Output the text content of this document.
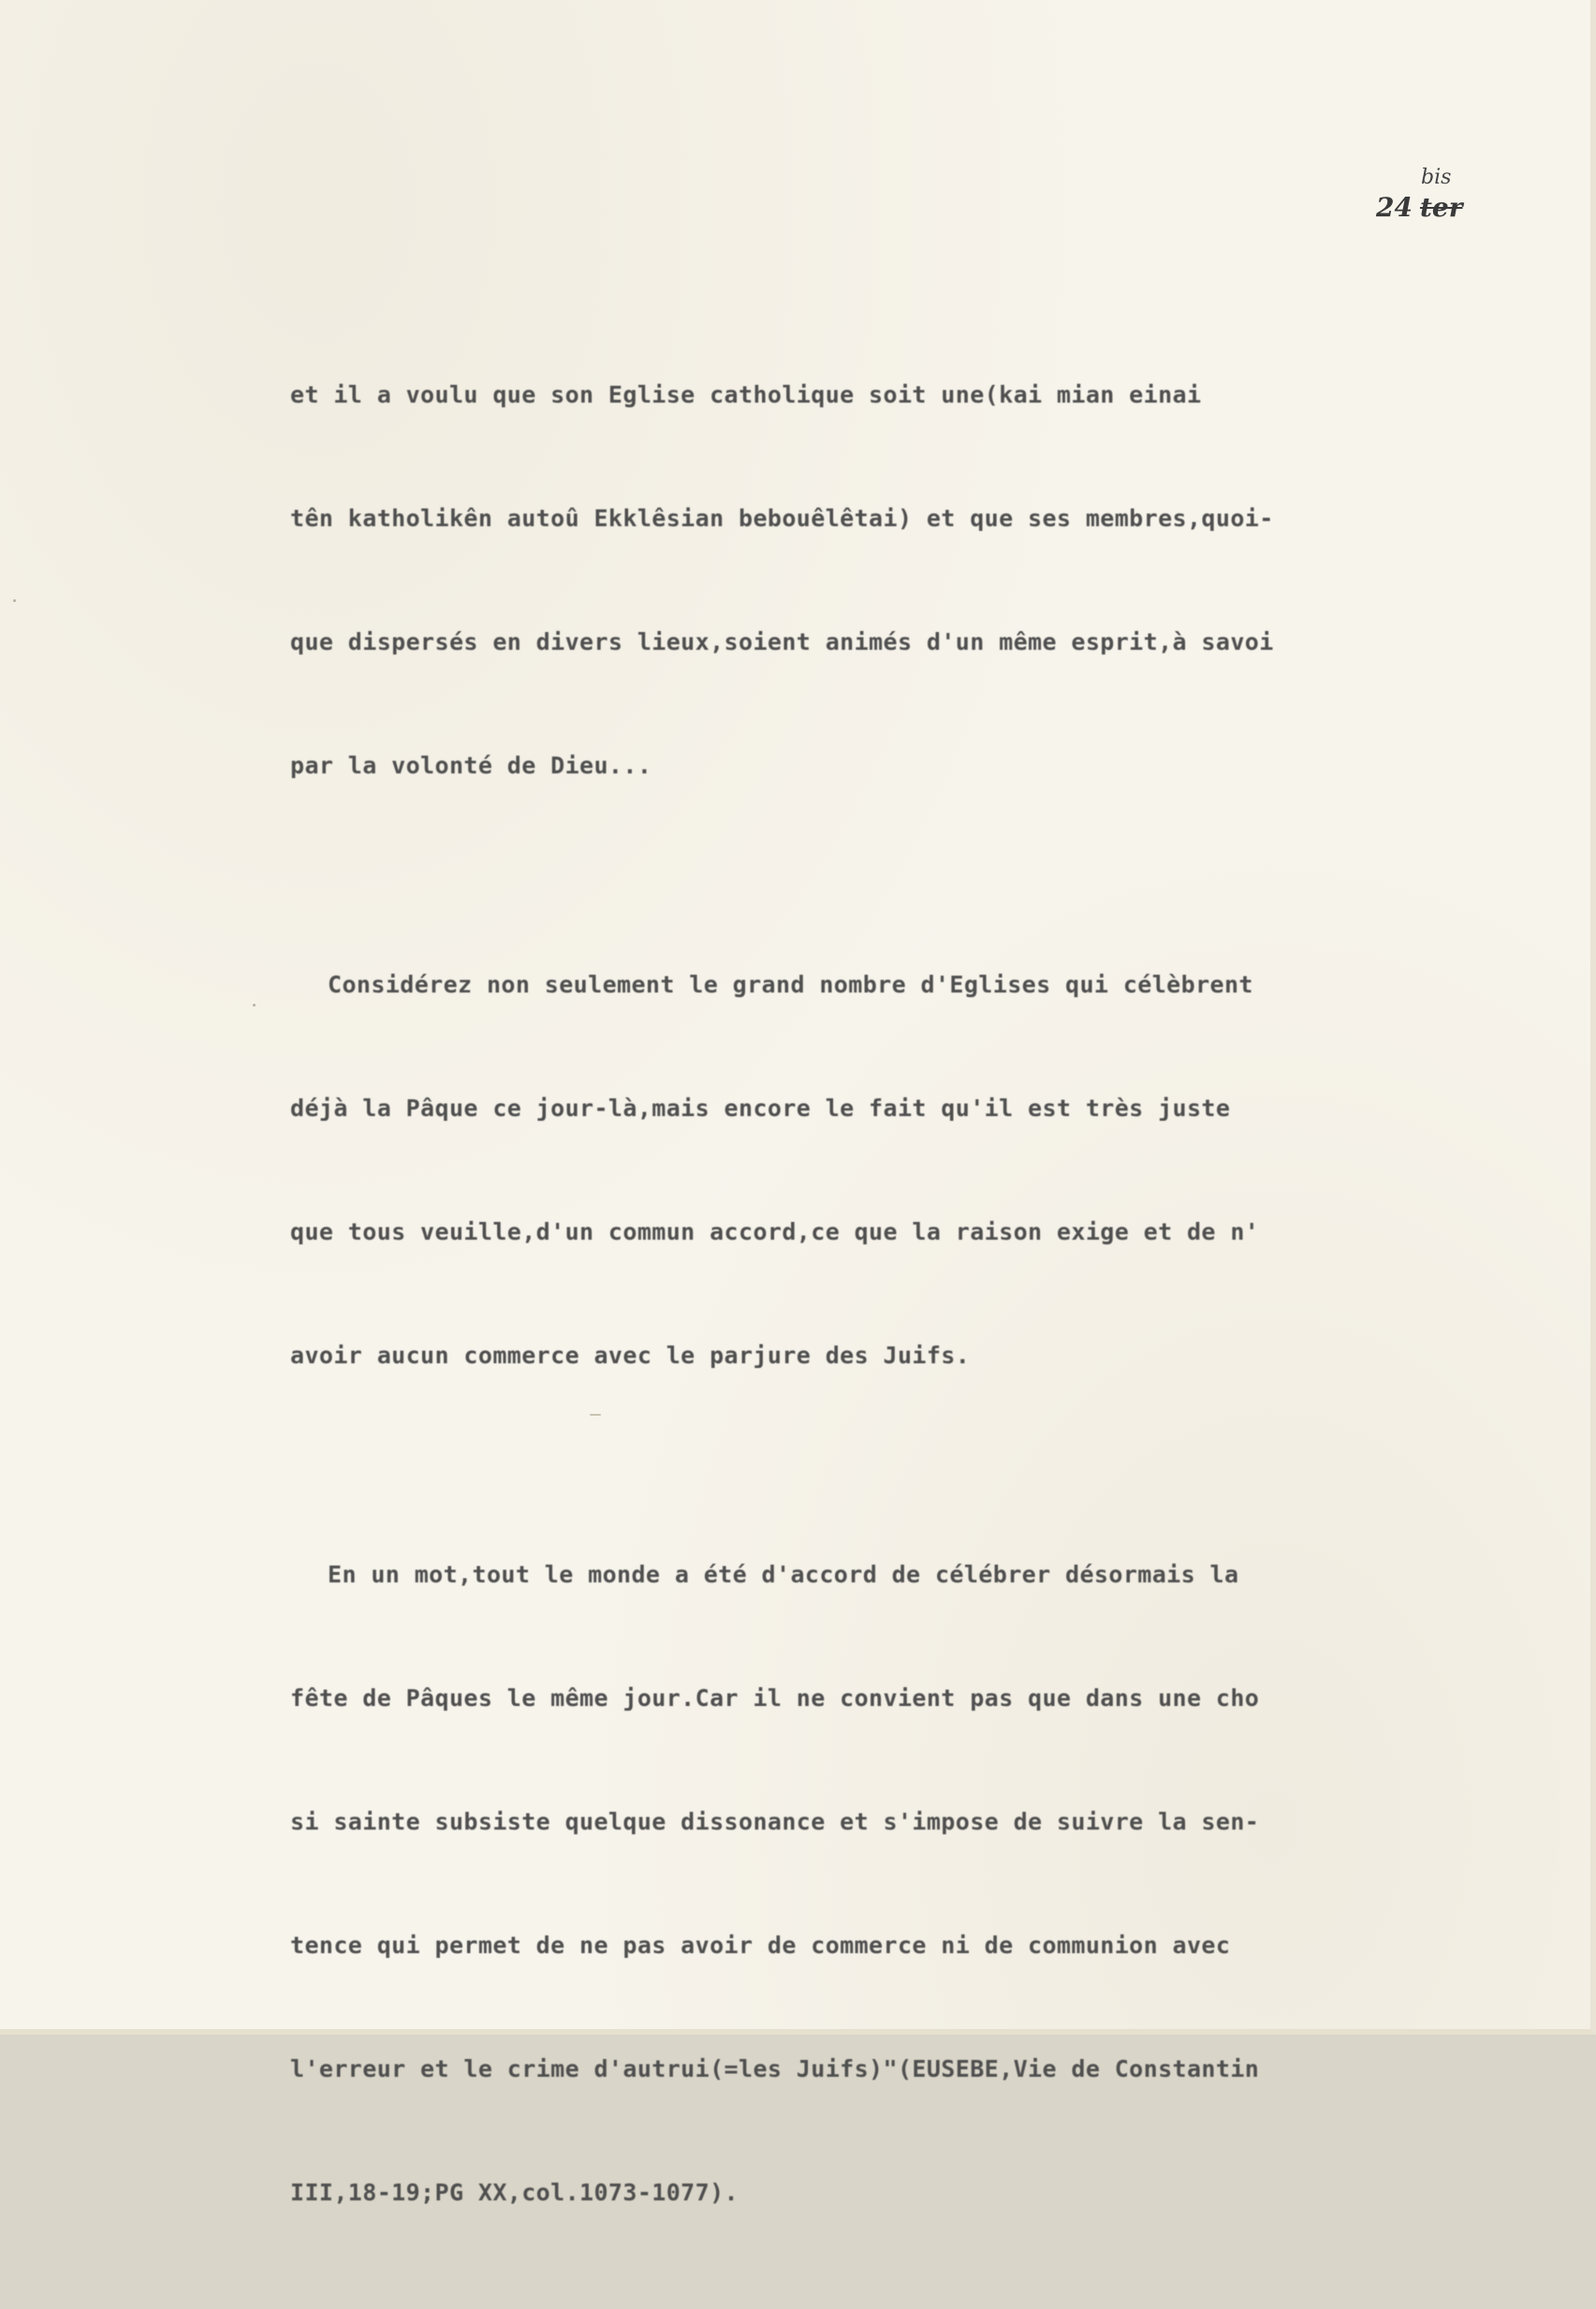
24 ter
bis

et il a voulu que son Eglise catholique soit une(kai mian einai

tên katholikên autoû Ekklêsian bebouêlêtai) et que ses membres,quoi-

que dispersés en divers lieux,soient animés d'un même esprit,à savoi

par la volonté de Dieu...

Considérez non seulement le grand nombre d'Eglises qui célèbrent

déjà la Pâque ce jour-là,mais encore le fait qu'il est très juste

que tous veuille,d'un commun accord,ce que la raison exige et de n'

avoir aucun commerce avec le parjure des Juifs.

En un mot,tout le monde a été d'accord de célébrer désormais la

fête de Pâques le même jour.Car il ne convient pas que dans une cho

si sainte subsiste quelque dissonance et s'impose de suivre la sen-

tence qui permet de ne pas avoir de commerce ni de communion avec

l'erreur et le crime d'autrui(=les Juifs)"(EUSEBE,Vie de Constantin

III,18-19;PG XX,col.1073-1077).
